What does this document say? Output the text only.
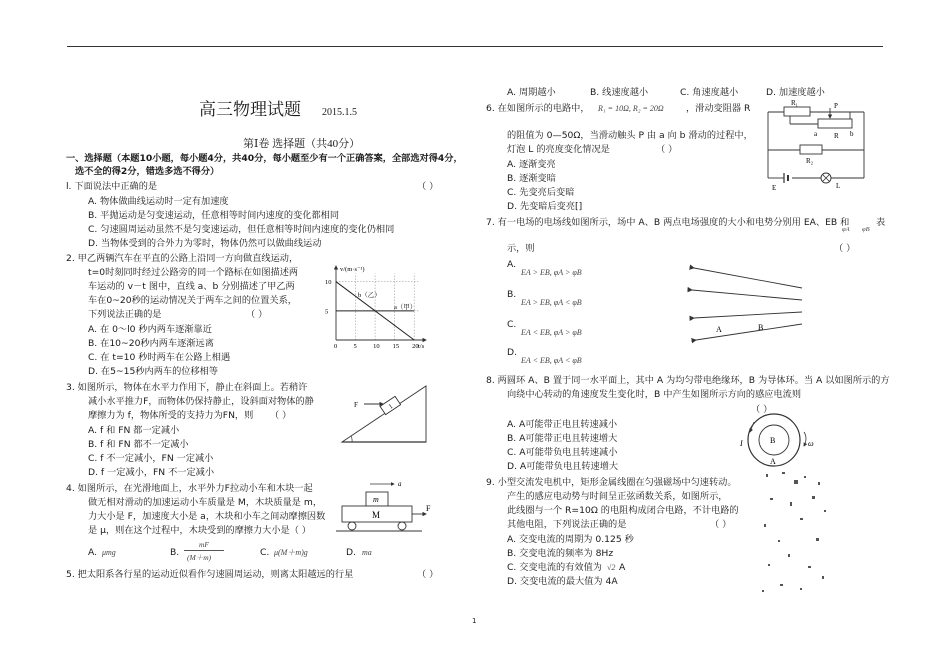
高三物理试题 2015.1.5
第Ⅰ卷 选择题（共40分）
一、选择题（本题10小题，每小题4分，共40分，每小题至少有一个正确答案，全部选对得4分，
选不全的得2分，错选多选不得分）
l. 下面说法中正确的是	（ ）
A. 物体做曲线运动时一定有加速度
B. 平抛运动是匀变速运动，任意相等时间内速度的变化都相同
C. 匀速圆周运动虽然不是匀变速运动，但任意相等时间内速度的变化仍相同
D. 当物体受到的合外力为零时，物体仍然可以做曲线运动
2. 甲乙两辆汽车在平直的公路上沿同一方向做直线运动，
t=0时刻同时经过公路旁的同一个路标在如图描述两
车运动的 v－t 图中，直线 a、b 分别描述了甲乙两
车在0~20秒的运动情况关于两车之间的位置关系，
下列说法正确的是	（ ）
A. 在 0～l0 秒内两车逐渐靠近
B. 在10~20秒内两车逐渐远离
C. 在 t=10 秒时两车在公路上相遇
D. 在5~15秒内两车的位移相等
v/(m·s⁻¹)
t/s
0	5	10 15 20
10
5
b（乙）
a（甲）
3. 如图所示，物体在水平力作用下，静止在斜面上。若稍许
减小水平推力F，而物体仍保持静止，设斜面对物体的静
摩擦力为 f，物体所受的支持力为FN，则 （ ）
A. f 和 FN 都一定减小
B. f 和 FN 都不一定减小
C. f 不一定减小，FN 一定减小
D. f 一定减小，FN 不一定减小
1
F
4. 如图所示，在光滑地面上，水平外力F拉动小车和木块一起
做无相对滑动的加速运动小车质量是 M，木块质量是 m，
力大小是 F，加速度大小是 a，木块和小车之间动摩擦因数
是 μ，则在这个过程中，木块受到的摩擦力大小是（ ）
A. μmg	B.
mF
(M＋m)	C. μ(M＋m)g	D. ma
a
m
M
F
5. 把太阳系各行星的运动近似看作匀速圆周运动，则离太阳越远的行星	（ ）
A. 周期越小	B. 线速度越小	C. 角速度越小	D. 加速度越小
6. 在如图所示的电路中， R₁ = 10Ω, R₂ = 20Ω ，滑动变阻器 R
的阻值为 0—50Ω，当滑动触头 P 由 a 向 b 滑动的过程中，
灯泡 L 的亮度变化情况是	（ ）
A. 逐渐变亮
B. 逐渐变暗
C. 先变亮后变暗
D. 先变暗后变亮[]
R₁	P
a	b
R
R₂
L
E
7. 有一电场的电场线如图所示，场中 A、B 两点电场强度的大小和电势分别用 EA、EB 和
φA φB
表
示，则	（ ）
A.
EA > EB, φA > φB
B.
EA > EB, φA < φB
C.
EA < EB, φA > φB
D.
EA < EB, φA < φB
A	B
8. 两圆环 A、B 置于同一水平面上，其中 A 为均匀带电绝缘环，B 为导体环。当 A 以如图所示的方
向绕中心转动的角速度发生变化时，B 中产生如图所示方向的感应电流则
（ ）
A. A可能带正电且转速减小
B. A可能带正电且转速增大
C. A可能带负电且转速减小
D. A可能带负电且转速增大
B
A
I	ω
9. 小型交流发电机中，矩形金属线圈在匀强磁场中匀速转动。
产生的感应电动势与时间呈正弦函数关系，如图所示，
此线圈与一个 R=10Ω 的电阻构成闭合电路，不计电路的
其他电阻，下列说法正确的是	（ ）
A. 交变电流的周期为 0.125 秒
B. 交变电流的频率为 8Hz
C. 交变电流的有效值为 √2 A
D. 交变电流的最大值为 4A
1
